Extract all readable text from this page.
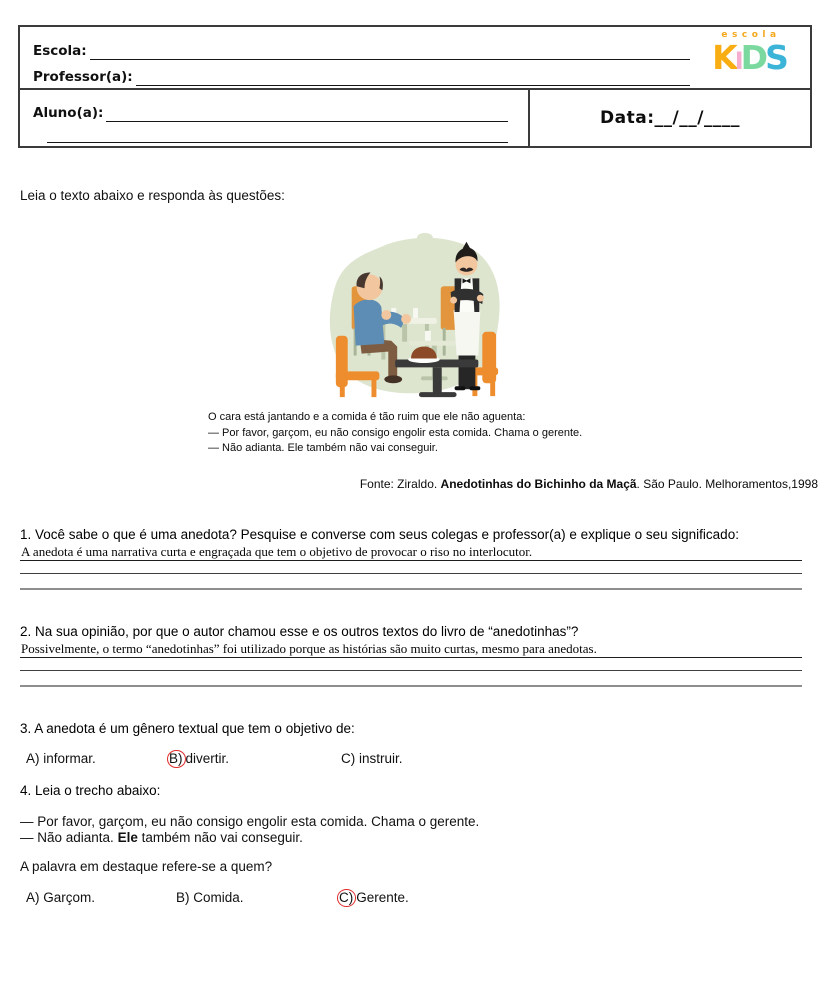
Escola:
Professor(a):
escola
KIDS
Aluno(a):	Data:__/__/____

Leia o texto abaixo e responda às questões:

O cara está jantando e a comida é tão ruim que ele não aguenta:

— Por favor, garçom, eu não consigo engolir esta comida. Chama o gerente.

— Não adianta. Ele também não vai conseguir.

Fonte: Ziraldo. Anedotinhas do Bichinho da Maçã. São Paulo. Melhoramentos,1998

1. Você sabe o que é uma anedota? Pesquise e converse com seus colegas e professor(a) e explique o seu significado:

A anedota é uma narrativa curta e engraçada que tem o objetivo de provocar o riso no interlocutor.

2. Na sua opinião, por que o autor chamou esse e os outros textos do livro de “anedotinhas”?

Possivelmente, o termo “anedotinhas” foi utilizado porque as histórias são muito curtas, mesmo para anedotas.

3. A anedota é um gênero textual que tem o objetivo de:

A) informar.	B) divertir.	C) instruir.

4. Leia o trecho abaixo:

— Por favor, garçom, eu não consigo engolir esta comida. Chama o gerente.

— Não adianta. Ele também não vai conseguir.

A palavra em destaque refere-se a quem?

A) Garçom.	B) Comida.	C) Gerente.
